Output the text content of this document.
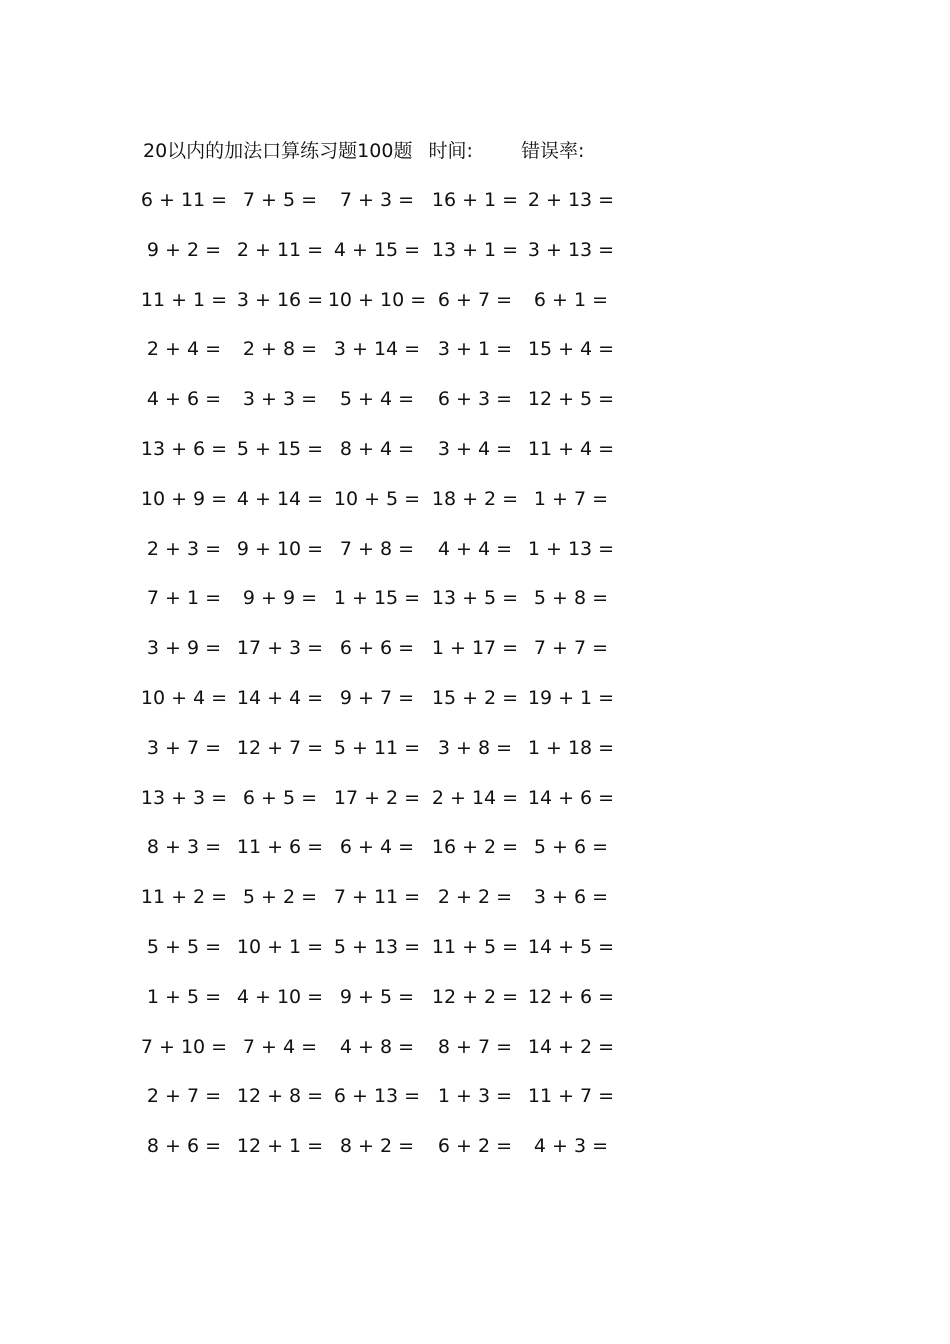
20以内的加法口算练习题100题 时间:	错误率:
6 + 11 = 7 + 5 = 7 + 3 = 16 + 1 = 2 + 13 =
9 + 2 = 2 + 11 = 4 + 15 = 13 + 1 = 3 + 13 =
11 + 1 = 3 + 16 = 10 + 10 = 6 + 7 = 6 + 1 =
2 + 4 = 2 + 8 = 3 + 14 = 3 + 1 = 15 + 4 =
4 + 6 = 3 + 3 = 5 + 4 = 6 + 3 = 12 + 5 =
13 + 6 = 5 + 15 = 8 + 4 = 3 + 4 = 11 + 4 =
10 + 9 = 4 + 14 = 10 + 5 = 18 + 2 = 1 + 7 =
2 + 3 = 9 + 10 = 7 + 8 = 4 + 4 = 1 + 13 =
7 + 1 = 9 + 9 = 1 + 15 = 13 + 5 = 5 + 8 =
3 + 9 = 17 + 3 = 6 + 6 = 1 + 17 = 7 + 7 =
10 + 4 = 14 + 4 = 9 + 7 = 15 + 2 = 19 + 1 =
3 + 7 = 12 + 7 = 5 + 11 = 3 + 8 = 1 + 18 =
13 + 3 = 6 + 5 = 17 + 2 = 2 + 14 = 14 + 6 =
8 + 3 = 11 + 6 = 6 + 4 = 16 + 2 = 5 + 6 =
11 + 2 = 5 + 2 = 7 + 11 = 2 + 2 = 3 + 6 =
5 + 5 = 10 + 1 = 5 + 13 = 11 + 5 = 14 + 5 =
1 + 5 = 4 + 10 = 9 + 5 = 12 + 2 = 12 + 6 =
7 + 10 = 7 + 4 = 4 + 8 = 8 + 7 = 14 + 2 =
2 + 7 = 12 + 8 = 6 + 13 = 1 + 3 = 11 + 7 =
8 + 6 = 12 + 1 = 8 + 2 = 6 + 2 = 4 + 3 =
